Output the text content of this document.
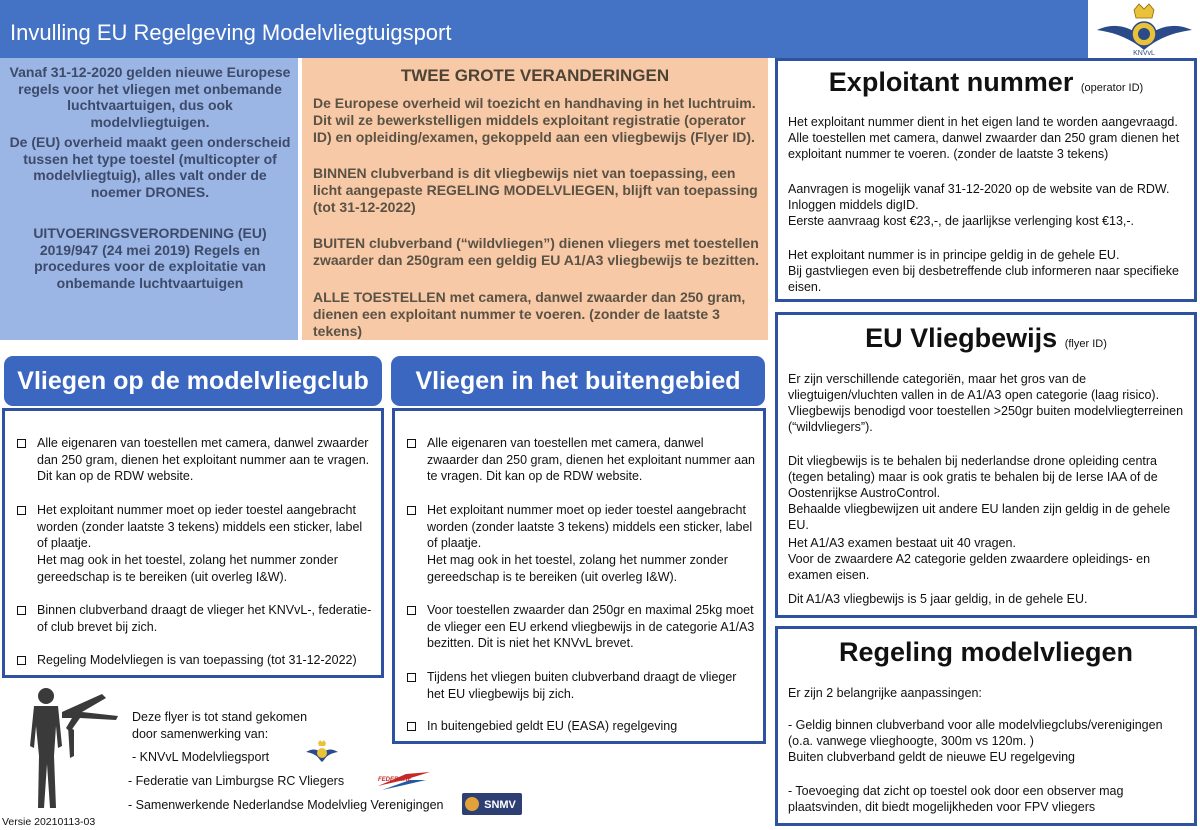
Invulling EU Regelgeving Modelvliegtuigsport
KNVvL
Vanaf 31-12-2020 gelden nieuwe Europese regels voor het vliegen met onbemande luchtvaartuigen, dus ook modelvliegtuigen.
De (EU) overheid maakt geen onderscheid tussen het type toestel (multicopter of modelvliegtuig), alles valt onder de noemer DRONES.
UITVOERINGSVERORDENING (EU) 2019/947 (24 mei 2019) Regels en procedures voor de exploitatie van onbemande luchtvaartuigen
TWEE GROTE VERANDERINGEN
De Europese overheid wil toezicht en handhaving in het luchtruim. Dit wil ze bewerkstelligen middels exploitant registratie (operator ID) en opleiding/examen, gekoppeld aan een vliegbewijs (Flyer ID).
BINNEN clubverband is dit vliegbewijs niet van toepassing, een licht aangepaste REGELING MODELVLIEGEN, blijft van toepassing (tot 31-12-2022)
BUITEN clubverband (“wildvliegen”) dienen vliegers met toestellen zwaarder dan 250gram een geldig EU A1/A3 vliegbewijs te bezitten.
ALLE TOESTELLEN met camera, danwel zwaarder dan 250 gram, dienen een exploitant nummer te voeren. (zonder de laatste 3 tekens)
Vliegen op de modelvliegclub
Alle eigenaren van toestellen met camera, danwel zwaarder dan 250 gram, dienen het exploitant nummer aan te vragen. Dit kan op de RDW website.
Het exploitant nummer moet op ieder toestel aangebracht worden (zonder laatste 3 tekens) middels een sticker, label of plaatje.
Het mag ook in het toestel, zolang het nummer zonder gereedschap is te bereiken (uit overleg I&W).
Binnen clubverband draagt de vlieger het KNVvL-, federatie- of club brevet bij zich.
Regeling Modelvliegen is van toepassing (tot 31-12-2022)
Vliegen in het buitengebied
Alle eigenaren van toestellen met camera, danwel zwaarder dan 250 gram, dienen het exploitant nummer aan te vragen. Dit kan op de RDW website.
Het exploitant nummer moet op ieder toestel aangebracht worden (zonder laatste 3 tekens) middels een sticker, label of plaatje.
Het mag ook in het toestel, zolang het nummer zonder gereedschap is te bereiken (uit overleg I&W).
Voor toestellen zwaarder dan 250gr en maximal 25kg moet de vlieger een EU erkend vliegbewijs in de categorie A1/A3 bezitten. Dit is niet het KNVvL brevet.
Tijdens het vliegen buiten clubverband draagt de vlieger het EU vliegbewijs bij zich.
In buitengebied geldt EU (EASA) regelgeving
Exploitant nummer (operator ID)
Het exploitant nummer dient in het eigen land te worden aangevraagd. Alle toestellen met camera, danwel zwaarder dan 250 gram dienen het exploitant nummer te voeren. (zonder de laatste 3 tekens)
Aanvragen is mogelijk vanaf 31-12-2020 op de website van de RDW.
Inloggen middels digID.
Eerste aanvraag kost €23,-, de jaarlijkse verlenging kost €13,-.
Het exploitant nummer is in principe geldig in de gehele EU.
Bij gastvliegen even bij desbetreffende club informeren naar specifieke eisen.
EU Vliegbewijs (flyer ID)
Er zijn verschillende categoriën, maar het gros van de vliegtuigen/vluchten vallen in de A1/A3 open categorie (laag risico). Vliegbewijs benodigd voor toestellen >250gr buiten modelvliegterreinen (“wildvliegers”).
Dit vliegbewijs is te behalen bij nederlandse drone opleiding centra (tegen betaling) maar is ook gratis te behalen bij de Ierse IAA of de Oostenrijkse AustroControl.
Behaalde vliegbewijzen uit andere EU landen zijn geldig in de gehele EU.
Het A1/A3 examen bestaat uit 40 vragen.
Voor de zwaardere A2 categorie gelden zwaardere opleidings- en examen eisen.
Dit A1/A3 vliegbewijs is 5 jaar geldig, in de gehele EU.
Regeling modelvliegen
Er zijn 2 belangrijke aanpassingen:
- Geldig binnen clubverband voor alle modelvliegclubs/verenigingen
(o.a. vanwege vlieghoogte, 300m vs 120m. )
Buiten clubverband geldt de nieuwe EU regelgeving
- Toevoeging dat zicht op toestel ook door een observer mag plaatsvinden, dit biedt mogelijkheden voor FPV vliegers
Deze flyer is tot stand gekomen
door samenwerking van:
- KNVvL Modelvliegsport
- Federatie van Limburgse RC Vliegers
- Samenwerkende Nederlandse Modelvlieg Verenigingen
FEDERATIE
SNMV
Versie 20210113-03
